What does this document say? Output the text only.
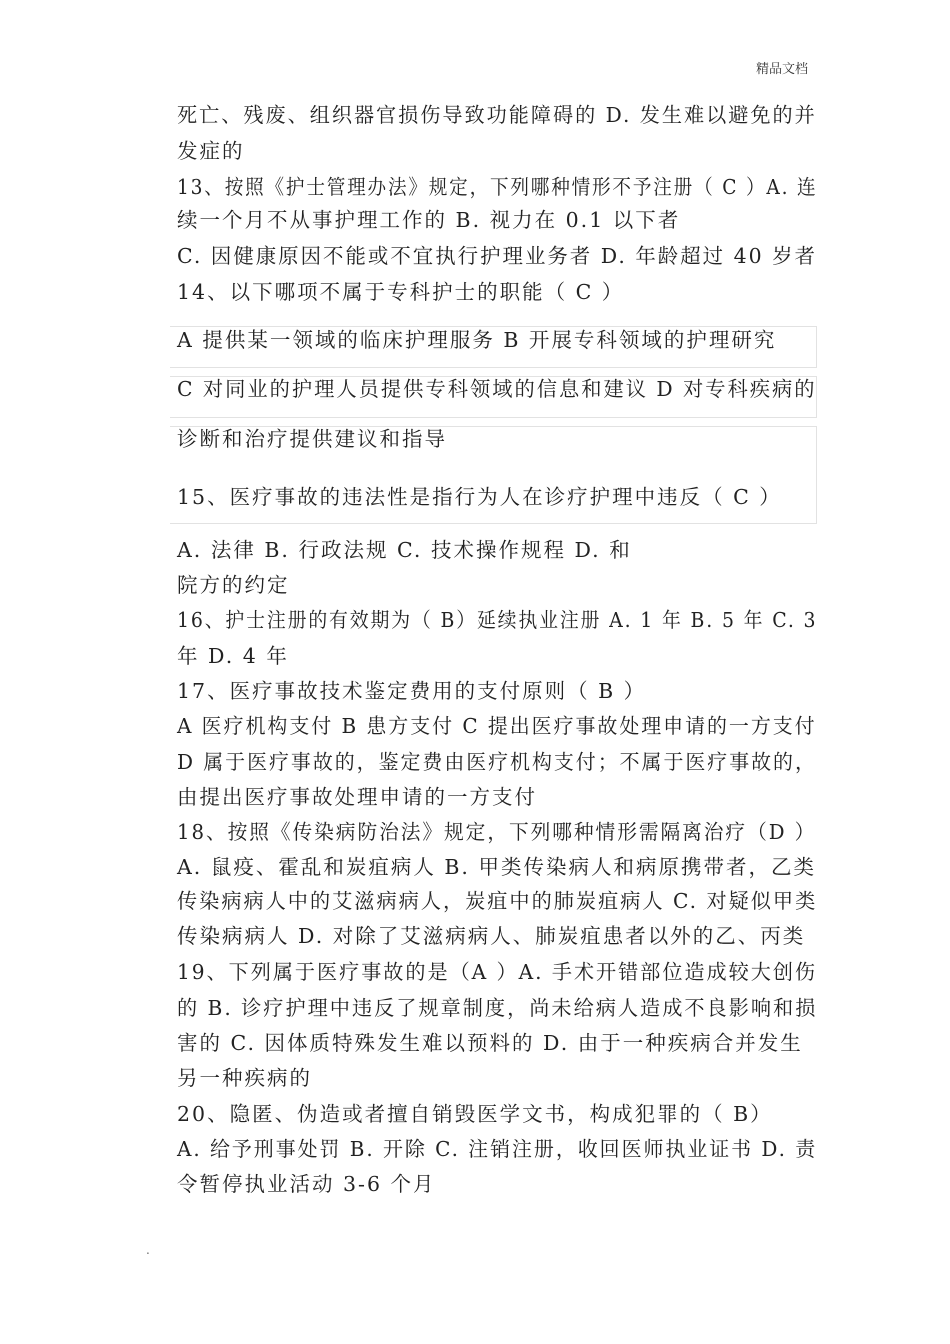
精品文档
死亡、残废、组织器官损伤导致功能障碍的 D. 发生难以避免的并
发症的
13、按照《护士管理办法》规定，下列哪种情形不予注册（ C ）A. 连
续一个月不从事护理工作的 B. 视力在 0.1 以下者
C. 因健康原因不能或不宜执行护理业务者 D. 年龄超过 40 岁者
14、以下哪项不属于专科护士的职能（ C ）
A 提供某一领域的临床护理服务 B 开展专科领域的护理研究
C 对同业的护理人员提供专科领域的信息和建议 D 对专科疾病的
诊断和治疗提供建议和指导
15、医疗事故的违法性是指行为人在诊疗护理中违反（ C ）
A. 法律 B. 行政法规 C. 技术操作规程 D. 和
院方的约定
16、护士注册的有效期为（ B）延续执业注册 A. 1 年 B. 5 年 C. 3
年 D. 4 年
17、医疗事故技术鉴定费用的支付原则（ B ）
A 医疗机构支付 B 患方支付 C 提出医疗事故处理申请的一方支付
D 属于医疗事故的，鉴定费由医疗机构支付；不属于医疗事故的，
由提出医疗事故处理申请的一方支付
18、按照《传染病防治法》规定，下列哪种情形需隔离治疗（D ）
A. 鼠疫、霍乱和炭疽病人 B. 甲类传染病人和病原携带者，乙类
传染病病人中的艾滋病病人，炭疽中的肺炭疽病人 C. 对疑似甲类
传染病病人 D. 对除了艾滋病病人、肺炭疽患者以外的乙、丙类
19、下列属于医疗事故的是（A ）A. 手术开错部位造成较大创伤
的 B. 诊疗护理中违反了规章制度，尚未给病人造成不良影响和损
害的 C. 因体质特殊发生难以预料的 D. 由于一种疾病合并发生
另一种疾病的
20、隐匿、伪造或者擅自销毁医学文书，构成犯罪的（ B）
A. 给予刑事处罚 B. 开除 C. 注销注册，收回医师执业证书 D. 责
令暂停执业活动 3-6 个月
.
